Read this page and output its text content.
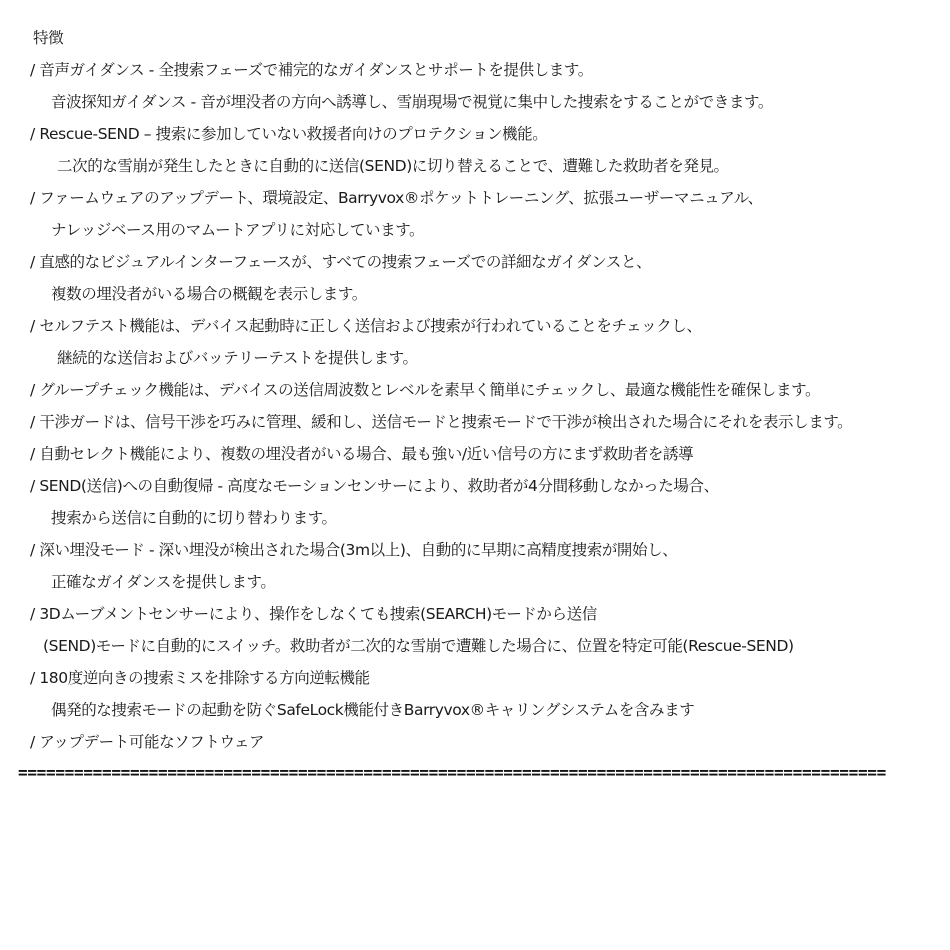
特徴
/ 音声ガイダンス - 全捜索フェーズで補完的なガイダンスとサポートを提供します。
音波探知ガイダンス - 音が埋没者の方向へ誘導し、雪崩現場で視覚に集中した捜索をすることができます。
/ Rescue-SEND – 捜索に参加していない救援者向けのプロテクション機能。
二次的な雪崩が発生したときに自動的に送信(SEND)に切り替えることで、遭難した救助者を発見。
/ ファームウェアのアップデート、環境設定、Barryvox®ポケットトレーニング、拡張ユーザーマニュアル、
ナレッジベース用のマムートアプリに対応しています。
/ 直感的なビジュアルインターフェースが、すべての捜索フェーズでの詳細なガイダンスと、
複数の埋没者がいる場合の概観を表示します。
/ セルフテスト機能は、デバイス起動時に正しく送信および捜索が行われていることをチェックし、
継続的な送信およびバッテリーテストを提供します。
/ グループチェック機能は、デバイスの送信周波数とレベルを素早く簡単にチェックし、最適な機能性を確保します。
/ 干渉ガードは、信号干渉を巧みに管理、緩和し、送信モードと捜索モードで干渉が検出された場合にそれを表示します。
/ 自動セレクト機能により、複数の埋没者がいる場合、最も強い/近い信号の方にまず救助者を誘導
/ SEND(送信)への自動復帰 - 高度なモーションセンサーにより、救助者が4分間移動しなかった場合、
捜索から送信に自動的に切り替わります。
/ 深い埋没モード - 深い埋没が検出された場合(3m以上)、自動的に早期に高精度捜索が開始し、
正確なガイダンスを提供します。
/ 3Dムーブメントセンサーにより、操作をしなくても捜索(SEARCH)モードから送信
(SEND)モードに自動的にスイッチ。救助者が二次的な雪崩で遭難した場合に、位置を特定可能(Rescue-SEND)
/ 180度逆向きの捜索ミスを排除する方向逆転機能
偶発的な捜索モードの起動を防ぐSafeLock機能付きBarryvox®キャリングシステムを含みます
/ アップデート可能なソフトウェア
=============================================================================================
